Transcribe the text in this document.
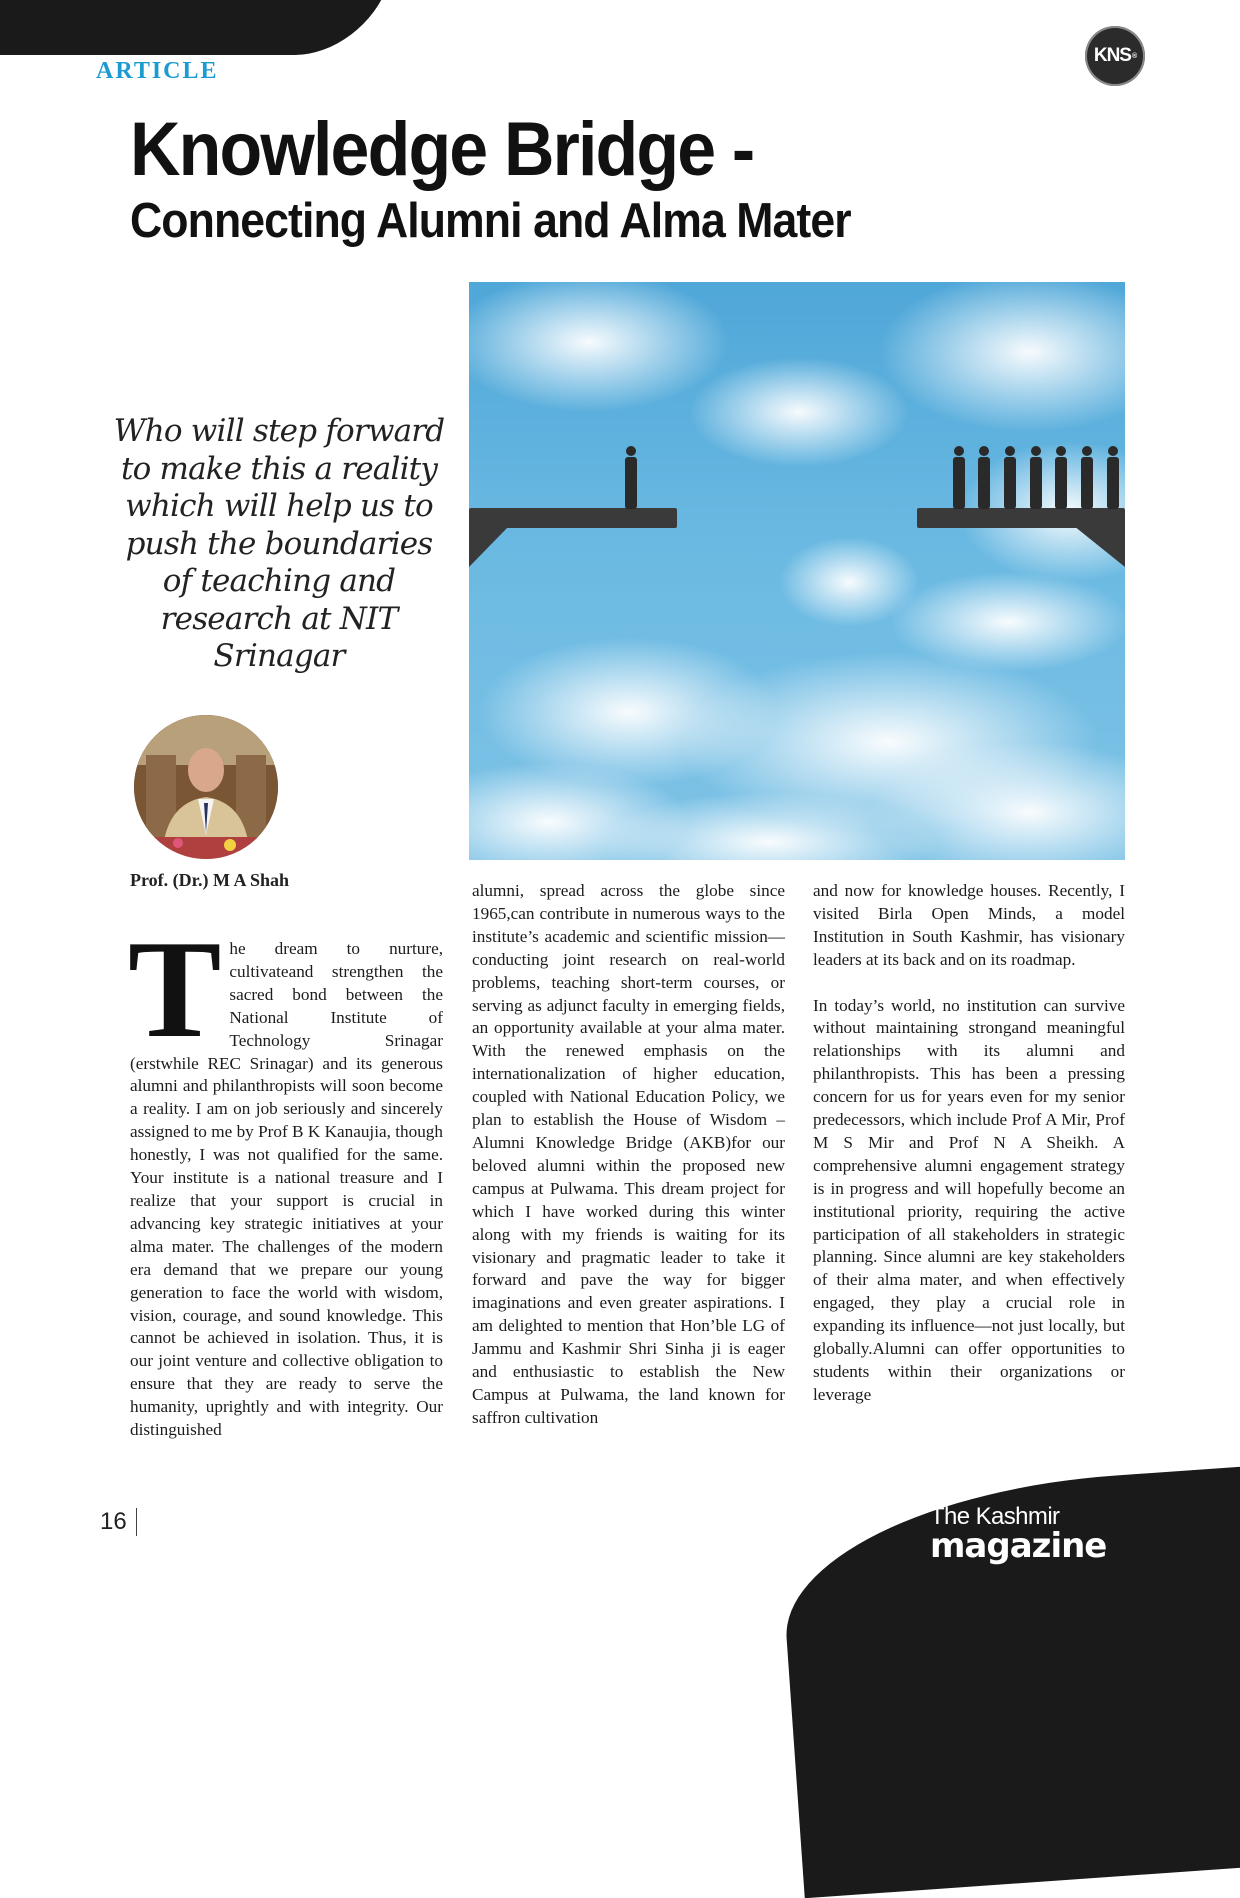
ARTICLE
KNS ®
Knowledge Bridge -
Connecting Alumni and Alma Mater

Who will step forward to make this a reality which will help us to push the boundaries of teaching and research at NIT Srinagar

Prof. (Dr.) M A Shah
T he dream to nurture, cultivateand strengthen the sacred bond between the National Institute of Technology Srinagar (erstwhile REC Srinagar) and its generous alumni and philanthropists will soon become a reality. I am on job seriously and sincerely assigned to me by Prof B K Kanaujia, though honestly, I was not qualified for the same. Your institute is a national treasure and I realize that your support is crucial in advancing key strategic initiatives at your alma mater. The challenges of the modern era demand that we prepare our young generation to face the world with wisdom, vision, courage, and sound knowledge. This cannot be achieved in isolation. Thus, it is our joint venture and collective obligation to ensure that they are ready to serve the humanity, uprightly and with integrity. Our distinguished

alumni, spread across the globe since 1965,can contribute in numerous ways to the institute’s academic and scientific mission—conducting joint research on real-world problems, teaching short-term courses, or serving as adjunct faculty in emerging fields, an opportunity available at your alma mater. With the renewed emphasis on the internationalization of higher education, coupled with National Education Policy, we plan to establish the House of Wisdom – Alumni Knowledge Bridge (AKB)for our beloved alumni within the proposed new campus at Pulwama. This dream project for which I have worked during this winter along with my friends is waiting for its visionary and pragmatic leader to take it forward and pave the way for bigger imaginations and even greater aspirations. I am delighted to mention that Hon’ble LG of Jammu and Kashmir Shri Sinha ji is eager and enthusiastic to establish the New Campus at Pulwama, the land known for saffron cultivation

and now for knowledge houses. Recently, I visited Birla Open Minds, a model Institution in South Kashmir, has visionary leaders at its back and on its roadmap.

In today’s world, no institution can survive without maintaining strongand meaningful relationships with its alumni and philanthropists. This has been a pressing concern for us for years even for my senior predecessors, which include Prof A Mir, Prof M S Mir and Prof N A Sheikh. A comprehensive alumni engagement strategy is in progress and will hopefully become an institutional priority, requiring the active participation of all stakeholders in strategic planning. Since alumni are key stakeholders of their alma mater, and when effectively engaged, they play a crucial role in expanding its influence—not just locally, but globally.Alumni can offer opportunities to students within their organizations or leverage

16	The Kashmir
magazine
